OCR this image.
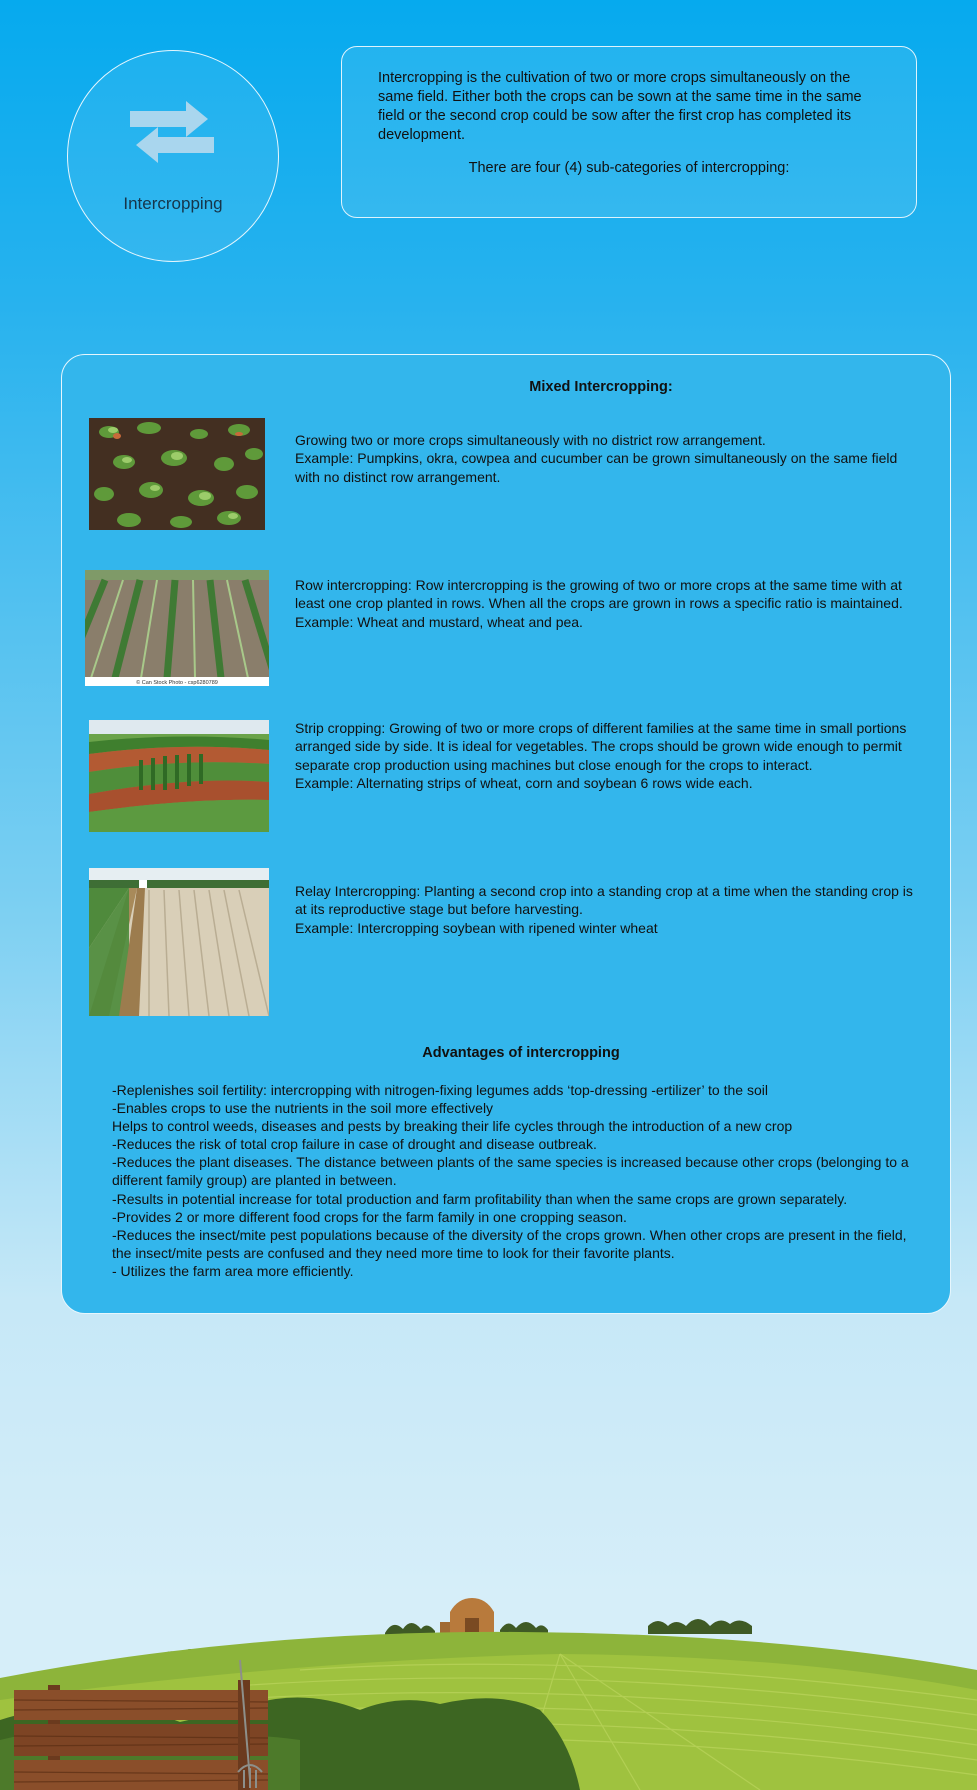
Intercropping

Intercropping is the cultivation of two or more crops simultaneously on the same field. Either both the crops can be sown at the same time in the same field or the second crop could be sow after the first crop has completed its development.

There are four (4) sub-categories of intercropping:

Mixed Intercropping:

Growing two or more crops simultaneously with no district row arrangement.

Example: Pumpkins, okra, cowpea and cucumber can be grown simultaneously on the same field with no distinct row arrangement.

© Can Stock Photo - csp6280789

Row intercropping: Row intercropping is the growing of two or more crops at the same time with at least one crop planted in rows. When all the crops are grown in rows a specific ratio is maintained.

Example: Wheat and mustard, wheat and pea.

Strip cropping: Growing of two or more crops of different families at the same time in small portions arranged side by side. It is ideal for vegetables. The crops should be grown wide enough to permit separate crop production using machines but close enough for the crops to interact.

Example: Alternating strips of wheat, corn and soybean 6 rows wide each.

Relay Intercropping: Planting a second crop into a standing crop at a time when the standing crop is at its reproductive stage but before harvesting.

Example: Intercropping soybean with ripened winter wheat

Advantages of intercropping
-Replenishes soil fertility: intercropping with nitrogen-fixing legumes adds ‘top-dressing -ertilizer’ to the soil
-Enables crops to use the nutrients in the soil more effectively
Helps to control weeds, diseases and pests by breaking their life cycles through the introduction of a new crop
-Reduces the risk of total crop failure in case of drought and disease outbreak.
-Reduces the plant diseases. The distance between plants of the same species is increased because other crops (belonging to a different family group) are planted in between.
-Results in potential increase for total production and farm profitability than when the same crops are grown separately.
-Provides 2 or more different food crops for the farm family in one cropping season.
-Reduces the insect/mite pest populations because of the diversity of the crops grown. When other crops are present in the field, the insect/mite pests are confused and they need more time to look for their favorite plants.
- Utilizes the farm area more efficiently.
